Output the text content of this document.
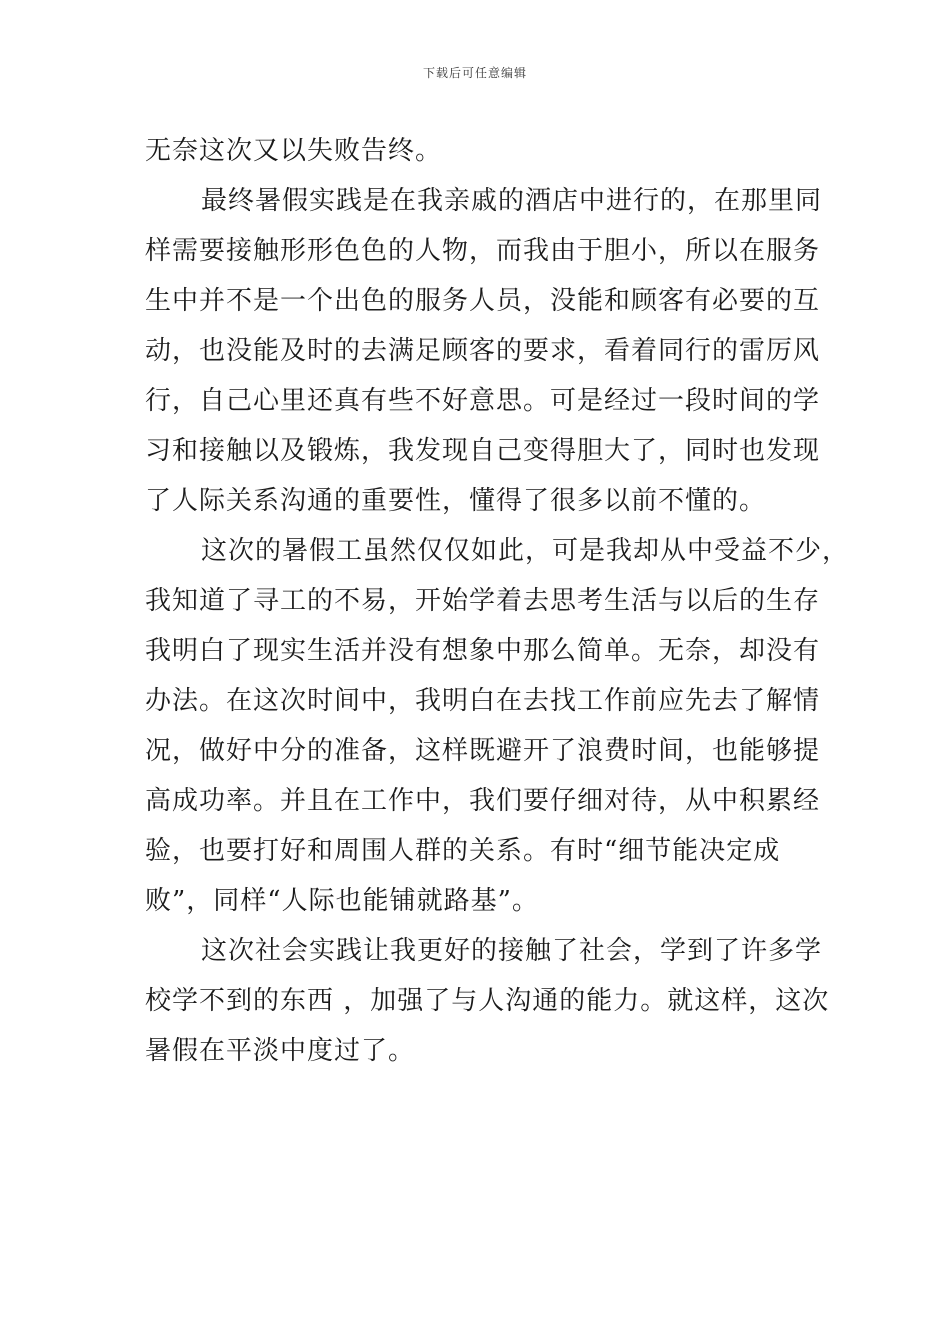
下载后可任意编辑
无奈这次又以失败告终。
最终暑假实践是在我亲戚的酒店中进行的，在那里同
样需要接触形形色色的人物，而我由于胆小，所以在服务
生中并不是一个出色的服务人员，没能和顾客有必要的互
动，也没能及时的去满足顾客的要求，看着同行的雷厉风
行，自己心里还真有些不好意思。可是经过一段时间的学
习和接触以及锻炼，我发现自己变得胆大了，同时也发现
了人际关系沟通的重要性，懂得了很多以前不懂的。
这次的暑假工虽然仅仅如此，可是我却从中受益不少，
我知道了寻工的不易，开始学着去思考生活与以后的生存
我明白了现实生活并没有想象中那么简单。无奈，却没有
办法。在这次时间中，我明白在去找工作前应先去了解情
况，做好中分的准备，这样既避开了浪费时间，也能够提
高成功率。并且在工作中，我们要仔细对待，从中积累经
验，也要打好和周围人群的关系。有时“细节能决定成
败”，同样“人际也能铺就路基”。
这次社会实践让我更好的接触了社会，学到了许多学
校学不到的东西 ，加强了与人沟通的能力。就这样，这次
暑假在平淡中度过了。
